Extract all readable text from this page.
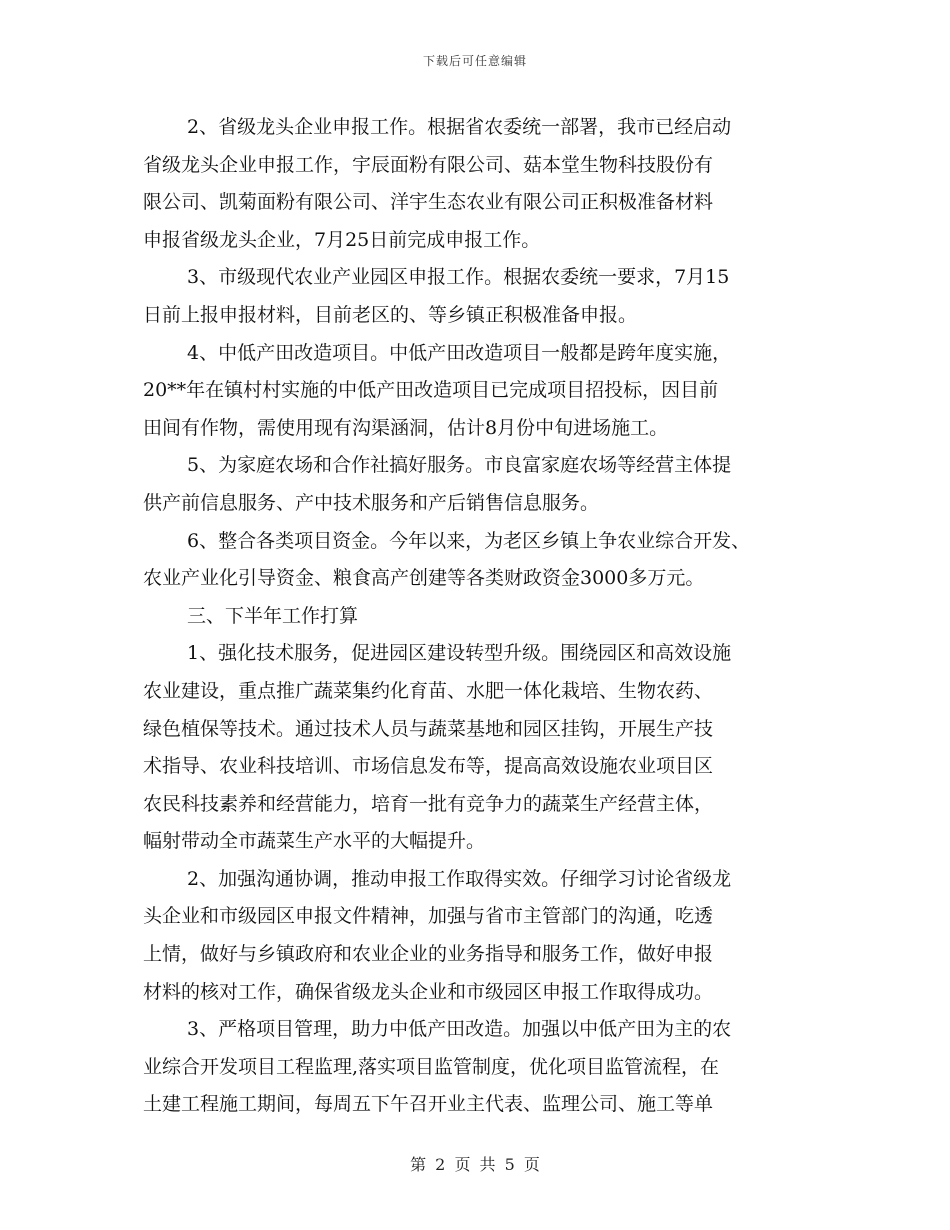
下载后可任意编辑
2、省级龙头企业申报工作。根据省农委统一部署，我市已经启动
省级龙头企业申报工作，宇辰面粉有限公司、菇本堂生物科技股份有
限公司、凯菊面粉有限公司、洋宇生态农业有限公司正积极准备材料
申报省级龙头企业，7月25日前完成申报工作。
3、市级现代农业产业园区申报工作。根据农委统一要求，7月15
日前上报申报材料，目前老区的、等乡镇正积极准备申报。
4、中低产田改造项目。中低产田改造项目一般都是跨年度实施，
20**年在镇村村实施的中低产田改造项目已完成项目招投标，因目前
田间有作物，需使用现有沟渠涵洞，估计8月份中旬进场施工。
5、为家庭农场和合作社搞好服务。市良富家庭农场等经营主体提
供产前信息服务、产中技术服务和产后销售信息服务。
6、整合各类项目资金。今年以来，为老区乡镇上争农业综合开发、
农业产业化引导资金、粮食高产创建等各类财政资金3000多万元。
三、下半年工作打算
1、强化技术服务，促进园区建设转型升级。围绕园区和高效设施
农业建设，重点推广蔬菜集约化育苗、水肥一体化栽培、生物农药、
绿色植保等技术。通过技术人员与蔬菜基地和园区挂钩，开展生产技
术指导、农业科技培训、市场信息发布等，提高高效设施农业项目区
农民科技素养和经营能力，培育一批有竞争力的蔬菜生产经营主体，
幅射带动全市蔬菜生产水平的大幅提升。
2、加强沟通协调，推动申报工作取得实效。仔细学习讨论省级龙
头企业和市级园区申报文件精神，加强与省市主管部门的沟通，吃透
上情，做好与乡镇政府和农业企业的业务指导和服务工作，做好申报
材料的核对工作，确保省级龙头企业和市级园区申报工作取得成功。
3、严格项目管理，助力中低产田改造。加强以中低产田为主的农
业综合开发项目工程监理,落实项目监管制度，优化项目监管流程，在
土建工程施工期间，每周五下午召开业主代表、监理公司、施工等单
第 2 页 共 5 页
